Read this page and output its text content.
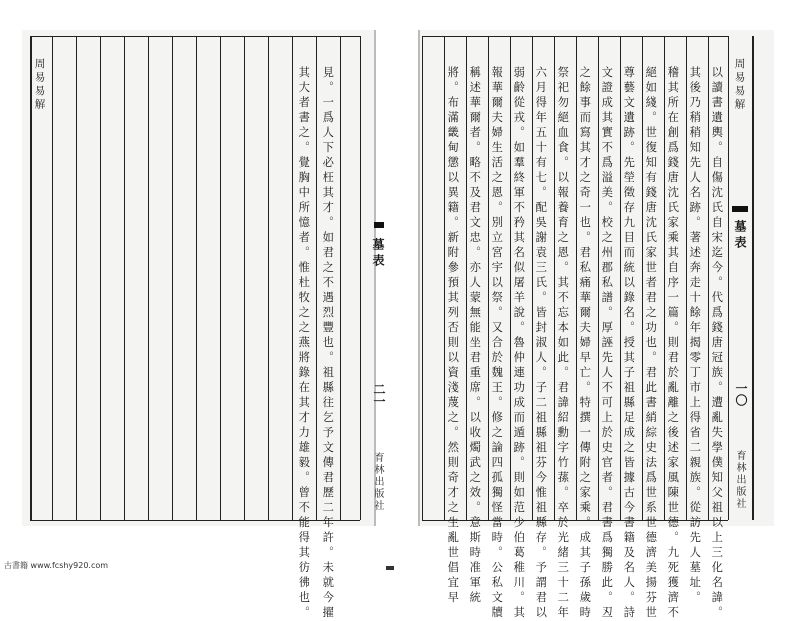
周易易解	見。一爲人下必枉其才。如君之不遇烈豐也。祖縣往乞予文傳君歷二年許。未就今擢
其大者書之。覺胸中所憶者。惟杜牧之之燕將錄在其才力雄毅。曾不能得其彷彿也。	墓表
二一
育林出版社
周易易解
以讀書遺輿。自傷沈氏自宋迄今。代爲錢唐冠族。遭亂失學僕知父祖以上三化名諱。
其後乃稍稍知先人名跡。著述奔走十餘年揭零丁市上得省二親族。從訪先人墓址。
稽其所在創爲錢唐沈氏家乘其自序一篇。則君於亂離之後述家風陳世德。九死獲濟不
絕如綫。世復知有錢唐沈氏家世者君之功也。君此書綃綜史法爲世系世德濟美揚芬世
尊藝文遺跡。先塋徵存九目而統以錄名。授其子祖縣足成之皆據古今書籍及名人。詩
文證成其實不爲溢美。校之州郡私譜。厚誣先人不可上於史官者。君書爲獨勝此。丒
之餘事而寫其才之奇一也。君私痛華爾夫婦早亡。特撰一傳附之家乘。成其子孫歲時
祭祀勿絕血食。以報養育之恩。其不忘本如此。君諱紹勳字竹蓀。卒於光緒三十二年
六月得年五十有七。配吳謝袁三氏。皆封淑人。子二祖縣祖芬今惟祖縣存。予謂君以
弱齡從戎。如羣終軍不矜其名似屠羊說。魯仲連功成而遁跡。則如范少伯葛稚川。其
報華爾夫婦生活之恩。別立宮宇以祭。又合於魏王。修之論四孤獨怪當時。公私文牘
稱述華爾者。略不及君文忠。亦人蒙無能坐君重席。以收燭武之效。意斯時准軍統
將。布滿畿甸懲以異籍。新附參預其列否則以資淺蔑之。然則奇才之生亂世倡宜早	墓表
一〇
育林出版社
古書籍 www.fcshy920.com
